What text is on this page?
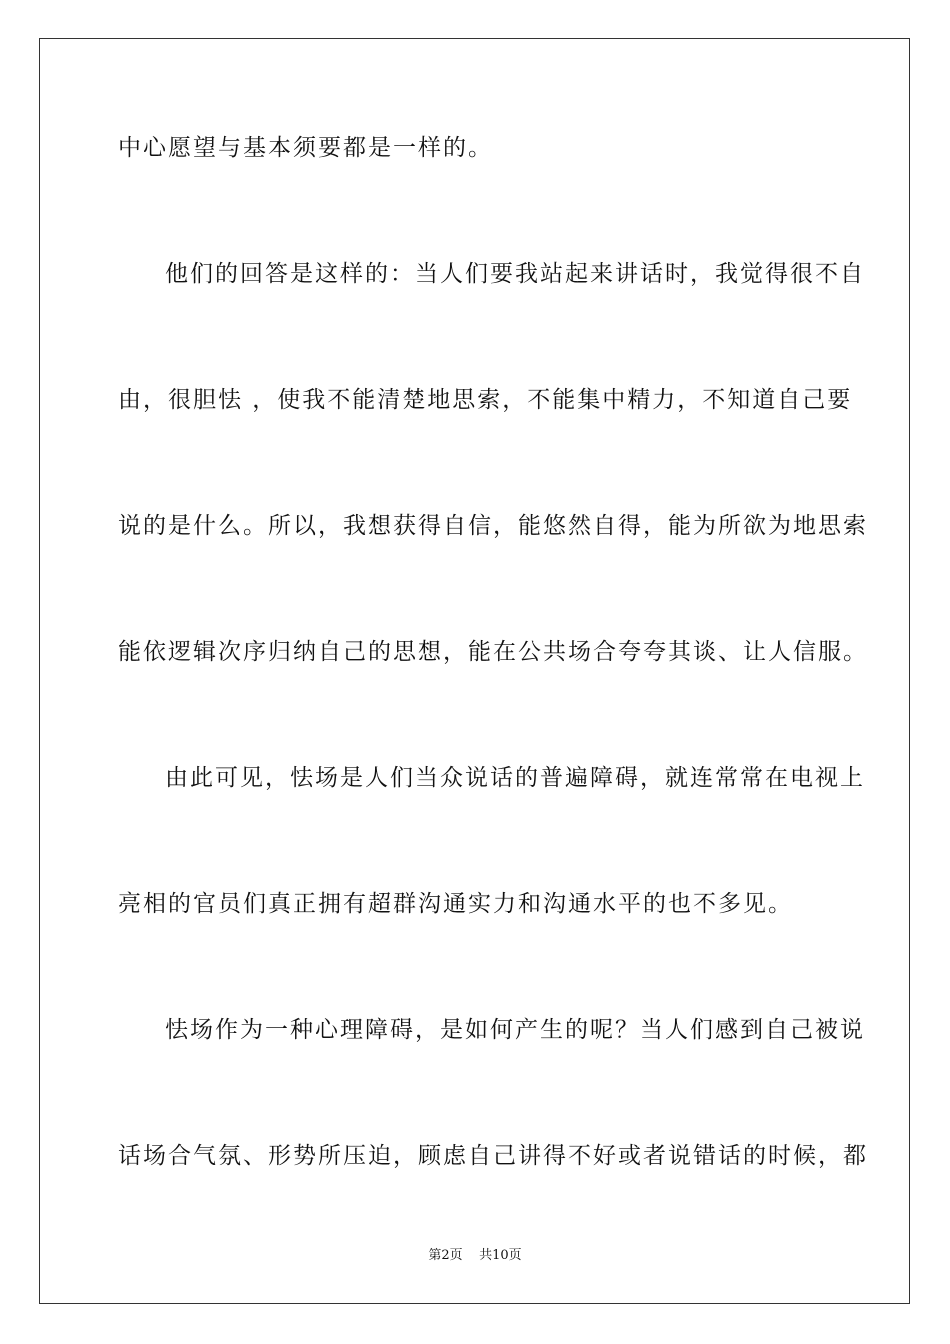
中心愿望与基本须要都是一样的。
他们的回答是这样的：当人们要我站起来讲话时，我觉得很不自
由，很胆怯 ，使我不能清楚地思索，不能集中精力，不知道自己要
说的是什么。所以，我想获得自信，能悠然自得，能为所欲为地思索
能依逻辑次序归纳自己的思想，能在公共场合夸夸其谈、让人信服。
由此可见，怯场是人们当众说话的普遍障碍，就连常常在电视上
亮相的官员们真正拥有超群沟通实力和沟通水平的也不多见。
怯场作为一种心理障碍，是如何产生的呢？当人们感到自己被说
话场合气氛、形势所压迫，顾虑自己讲得不好或者说错话的时候，都
第2页    共10页
